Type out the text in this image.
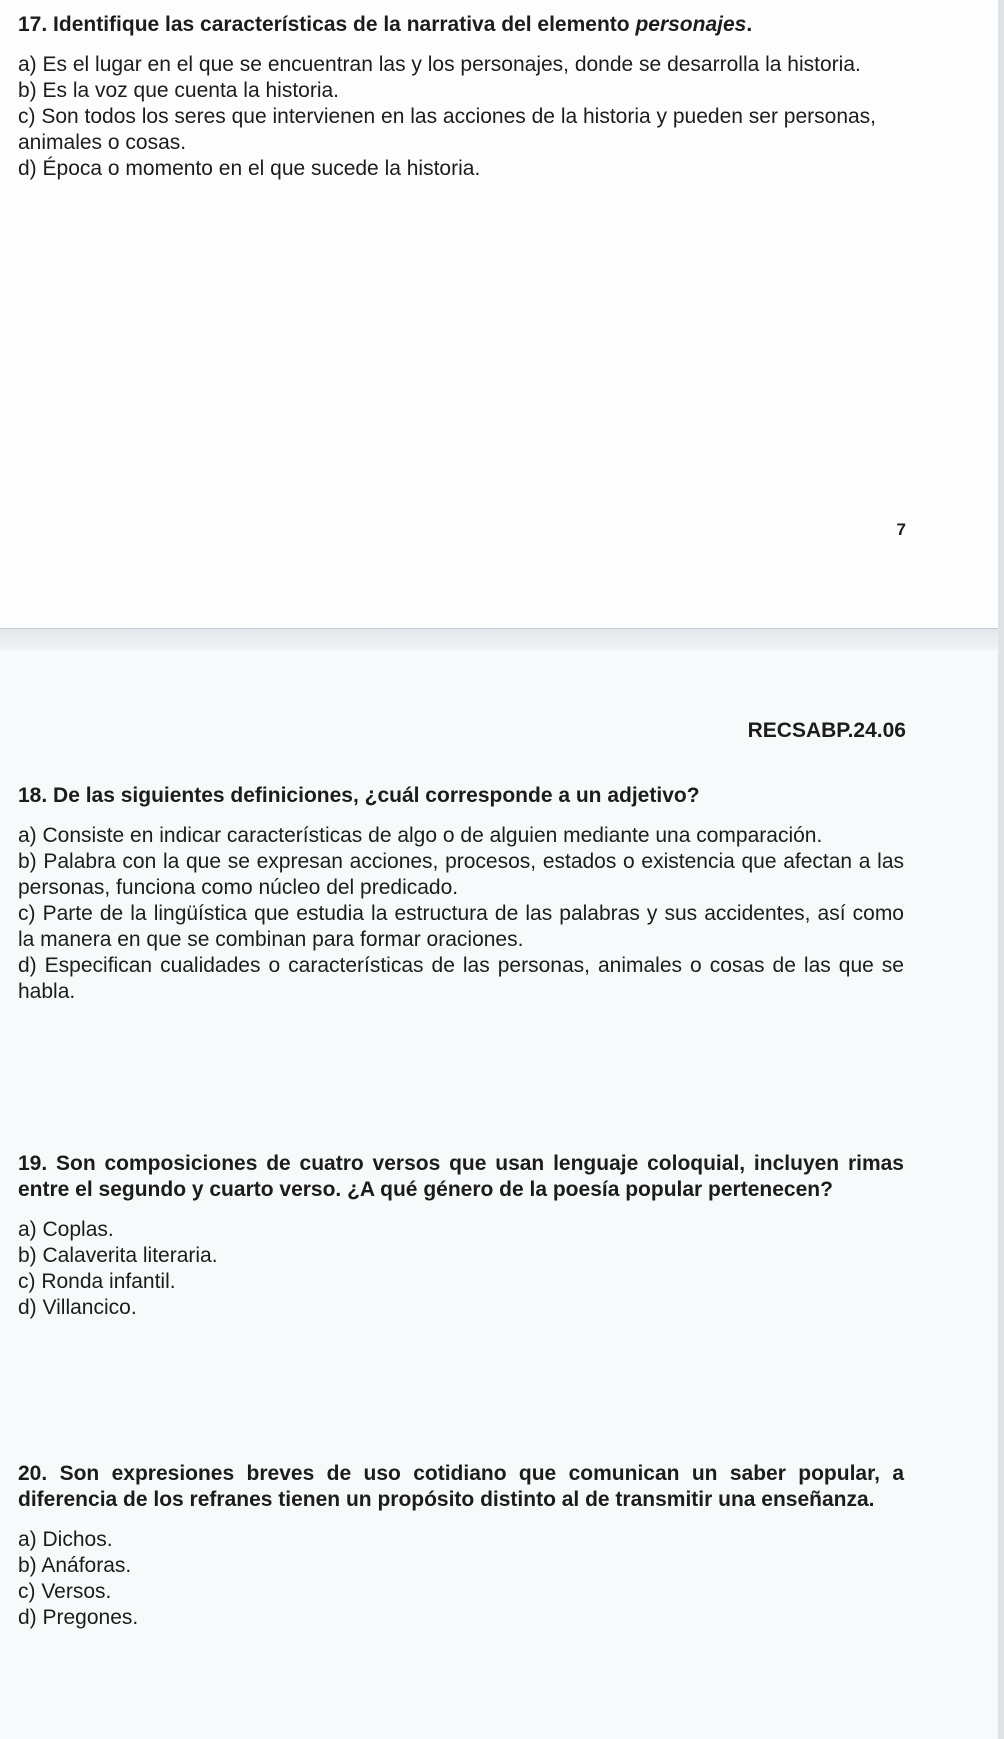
17. Identifique las características de la narrativa del elemento personajes.

a) Es el lugar en el que se encuentran las y los personajes, donde se desarrolla la historia.

b) Es la voz que cuenta la historia.

c) Son todos los seres que intervienen en las acciones de la historia y pueden ser personas, animales o cosas.

d) Época o momento en el que sucede la historia.

7
RECSABP.24.06

18. De las siguientes definiciones, ¿cuál corresponde a un adjetivo?

a) Consiste en indicar características de algo o de alguien mediante una comparación.

b) Palabra con la que se expresan acciones, procesos, estados o existencia que afectan a las personas, funciona como núcleo del predicado.

c) Parte de la lingüística que estudia la estructura de las palabras y sus accidentes, así como la manera en que se combinan para formar oraciones.

d) Especifican cualidades o características de las personas, animales o cosas de las que se habla.

19. Son composiciones de cuatro versos que usan lenguaje coloquial, incluyen rimas entre el segundo y cuarto verso. ¿A qué género de la poesía popular pertenecen?

a) Coplas.

b) Calaverita literaria.

c) Ronda infantil.

d) Villancico.

20. Son expresiones breves de uso cotidiano que comunican un saber popular, a diferencia de los refranes tienen un propósito distinto al de transmitir una enseñanza.

a) Dichos.

b) Anáforas.

c) Versos.

d) Pregones.
